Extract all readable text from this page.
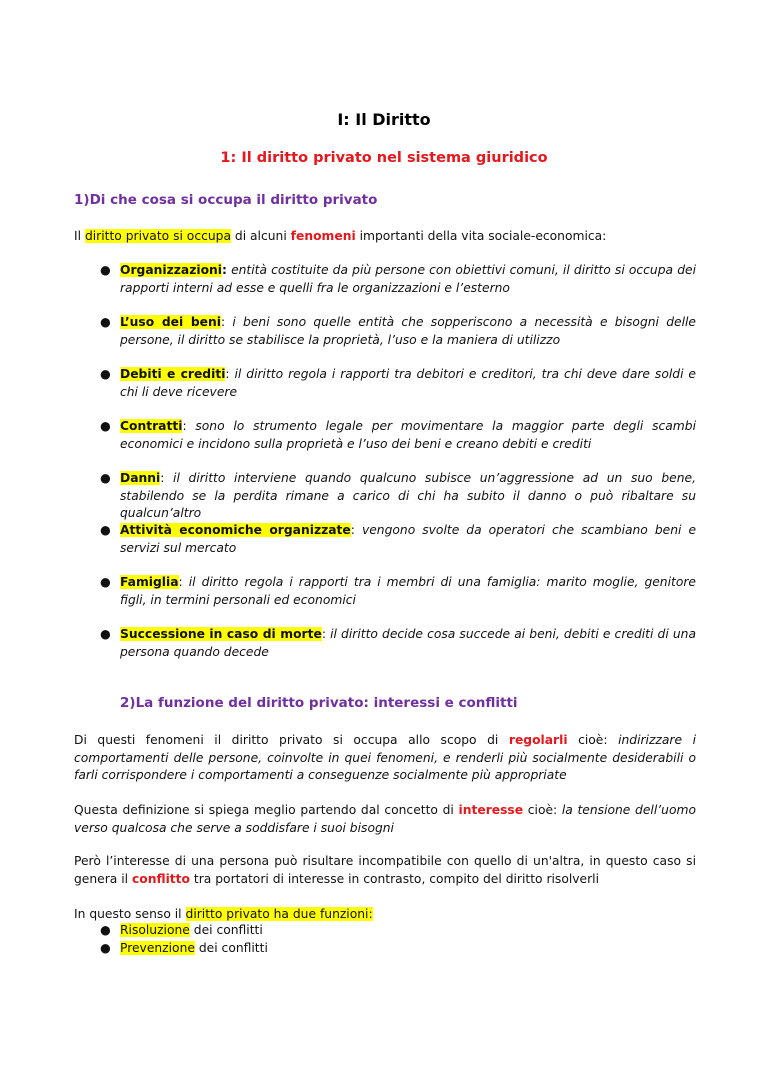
I: Il Diritto
1: Il diritto privato nel sistema giuridico
1)Di che cosa si occupa il diritto privato

Il diritto privato si occupa di alcuni fenomeni importanti della vita sociale-economica:

● Organizzazioni: entità costituite da più persone con obiettivi comuni, il diritto si occupa dei rapporti interni ad esse e quelli fra le organizzazioni e l’esterno
● L’uso dei beni: i beni sono quelle entità che sopperiscono a necessità e bisogni delle persone, il diritto se stabilisce la proprietà, l’uso e la maniera di utilizzo
● Debiti e crediti: il diritto regola i rapporti tra debitori e creditori, tra chi deve dare soldi e chi li deve ricevere
● Contratti: sono lo strumento legale per movimentare la maggior parte degli scambi economici e incidono sulla proprietà e l’uso dei beni e creano debiti e crediti
● Danni: il diritto interviene quando qualcuno subisce un’aggressione ad un suo bene, stabilendo se la perdita rimane a carico di chi ha subito il danno o può ribaltare su qualcun’altro
● Attività economiche organizzate: vengono svolte da operatori che scambiano beni e servizi sul mercato
● Famiglia: il diritto regola i rapporti tra i membri di una famiglia: marito moglie, genitore figli, in termini personali ed economici
● Successione in caso di morte: il diritto decide cosa succede ai beni, debiti e crediti di una persona quando decede
2)La funzione del diritto privato: interessi e conflitti

Di questi fenomeni il diritto privato si occupa allo scopo di regolarli cioè: indirizzare i comportamenti delle persone, coinvolte in quei fenomeni, e renderli più socialmente desiderabili o farli corrispondere i comportamenti a conseguenze socialmente più appropriate

Questa definizione si spiega meglio partendo dal concetto di interesse cioè: la tensione dell’uomo verso qualcosa che serve a soddisfare i suoi bisogni

Però l’interesse di una persona può risultare incompatibile con quello di un'altra, in questo caso si genera il conflitto tra portatori di interesse in contrasto, compito del diritto risolverli

In questo senso il diritto privato ha due funzioni:

● Risoluzione dei conflitti
● Prevenzione dei conflitti
